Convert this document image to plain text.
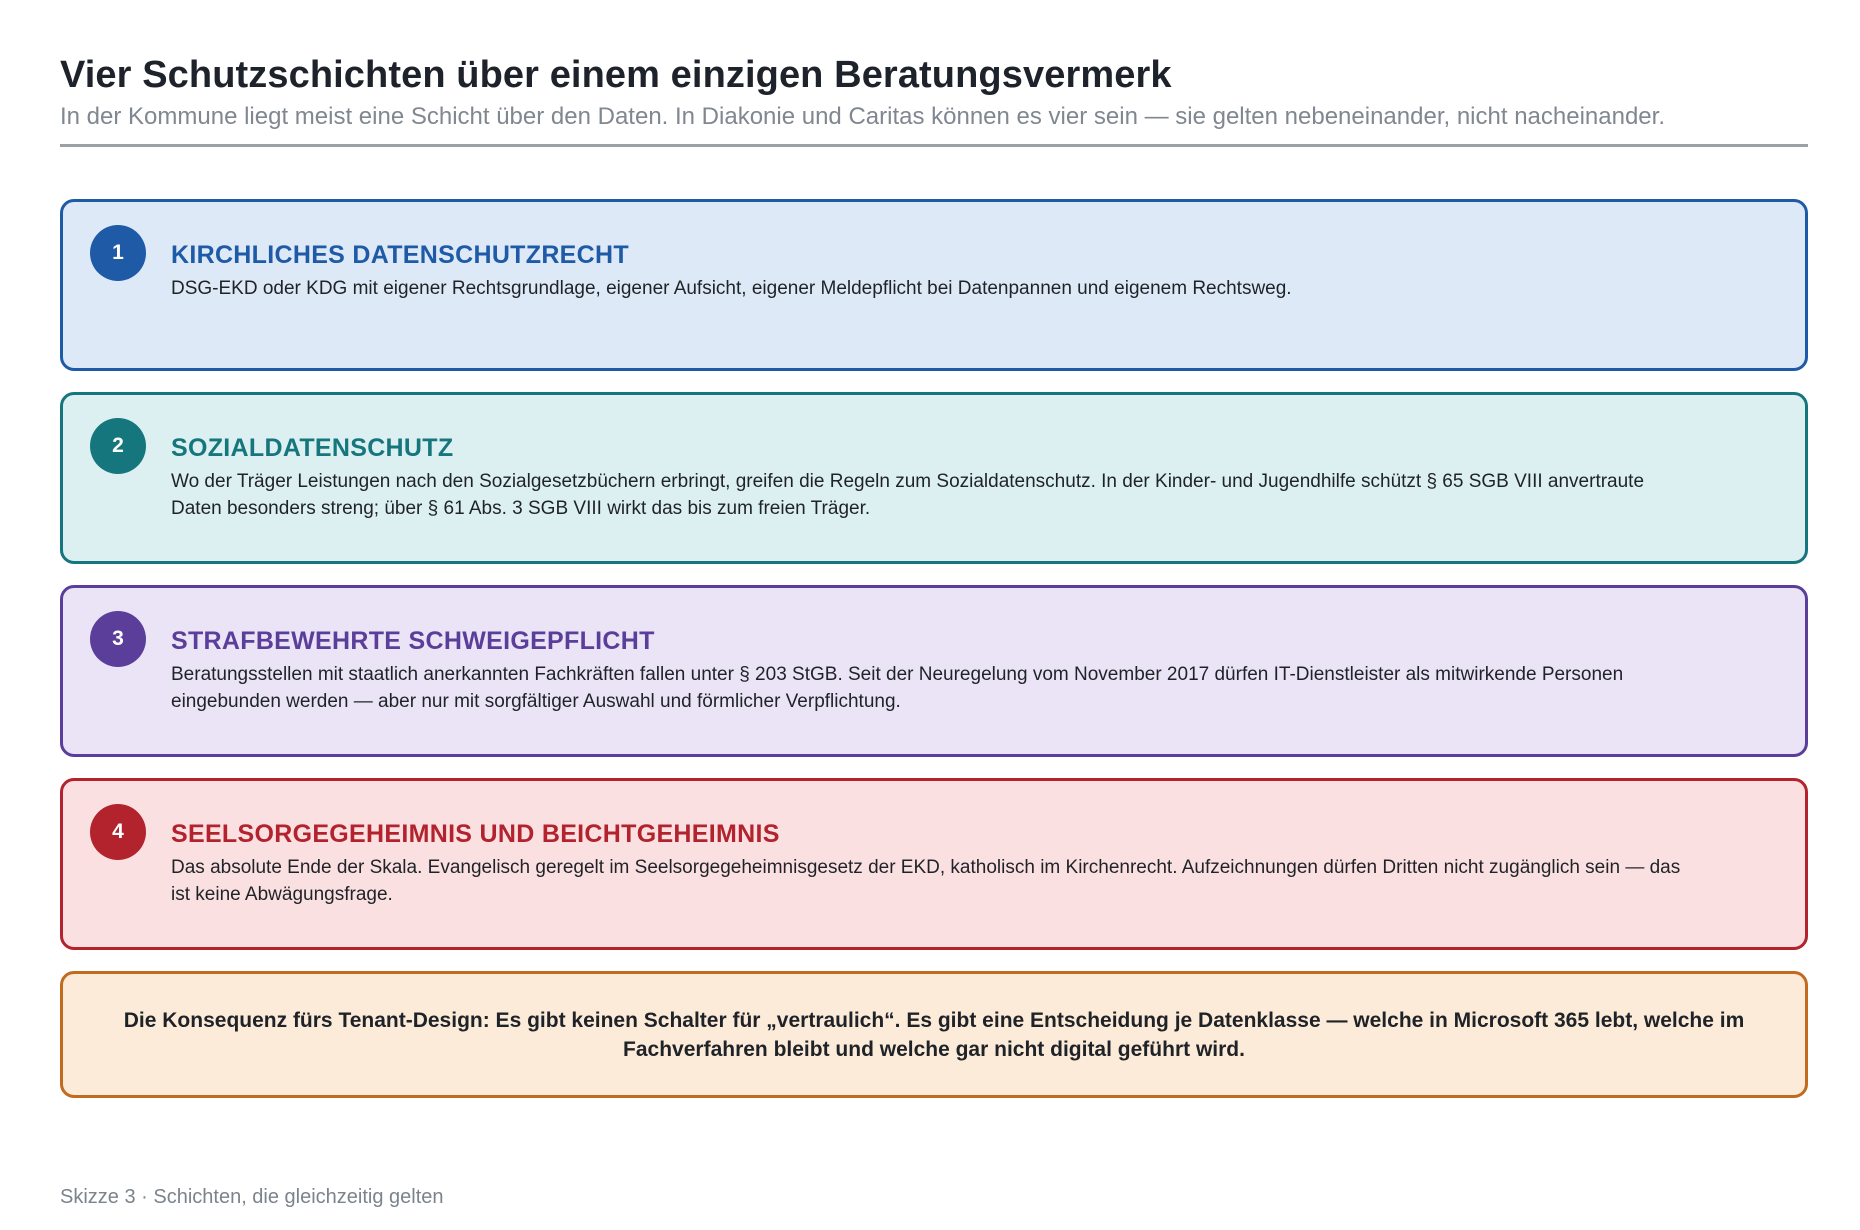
Vier Schutzschichten über einem einzigen Beratungsvermerk

In der Kommune liegt meist eine Schicht über den Daten. In Diakonie und Caritas können es vier sein — sie gelten nebeneinander, nicht nacheinander.

1	KIRCHLICHES DATENSCHUTZRECHT
DSG-EKD oder KDG mit eigener Rechtsgrundlage, eigener Aufsicht, eigener Meldepflicht bei Datenpannen und eigenem Rechtsweg.
2	SOZIALDATENSCHUTZ
Wo der Träger Leistungen nach den Sozialgesetzbüchern erbringt, greifen die Regeln zum Sozialdatenschutz. In der Kinder- und Jugendhilfe schützt § 65 SGB VIII anvertraute Daten besonders streng; über § 61 Abs. 3 SGB VIII wirkt das bis zum freien Träger.
3	STRAFBEWEHRTE SCHWEIGEPFLICHT
Beratungsstellen mit staatlich anerkannten Fachkräften fallen unter § 203 StGB. Seit der Neuregelung vom November 2017 dürfen IT-Dienstleister als mitwirkende Personen eingebunden werden — aber nur mit sorgfältiger Auswahl und förmlicher Verpflichtung.
4	SEELSORGEGEHEIMNIS UND BEICHTGEHEIMNIS
Das absolute Ende der Skala. Evangelisch geregelt im Seelsorgegeheimnisgesetz der EKD, katholisch im Kirchenrecht. Aufzeichnungen dürfen Dritten nicht zugänglich sein — das ist keine Abwägungsfrage.
Die Konsequenz fürs Tenant-Design: Es gibt keinen Schalter für „vertraulich“. Es gibt eine Entscheidung je Datenklasse — welche in Microsoft 365 lebt, welche im Fachverfahren bleibt und welche gar nicht digital geführt wird.
Skizze 3 · Schichten, die gleichzeitig gelten
